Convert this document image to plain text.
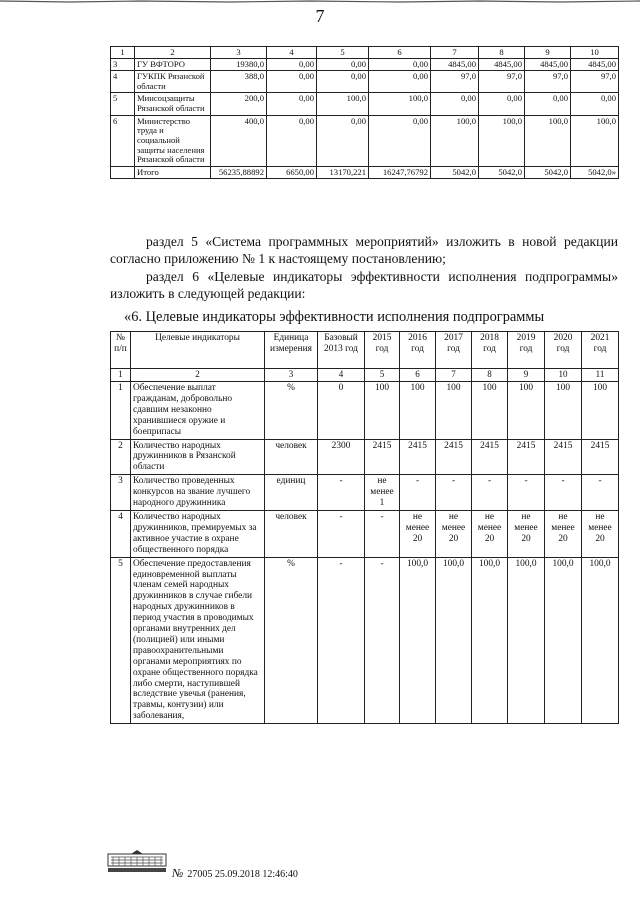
7
1	2	3	4	5	6	7	8	9	10
3	ГУ ВФТОРО	19380,0	0,00	0,00	0,00	4845,00	4845,00	4845,00	4845,00
4	ГУКПК Рязанской области	388,0	0,00	0,00	0,00	97,0	97,0	97,0	97,0
5	Минсоцзащиты Рязанской области	200,0	0,00	100,0	100,0	0,00	0,00	0,00	0,00
6	Министерство труда и социальной защиты населения Рязанской области	400,0	0,00	0,00	0,00	100,0	100,0	100,0	100,0
	Итого	56235,88892	6650,00	13170,221	16247,76792	5042,0	5042,0	5042,0	5042,0»
раздел 5 «Система программных мероприятий» изложить в новой редакции согласно приложению № 1 к настоящему постановлению;
раздел 6 «Целевые индикаторы эффективности исполнения подпрограммы» изложить в следующей редакции:
«6. Целевые индикаторы эффективности исполнения подпрограммы
№ п/п	Целевые индикаторы	Единица измерения	Базовый 2013 год	2015 год	2016 год	2017 год	2018 год	2019 год	2020 год	2021 год
1	2	3	4	5	6	7	8	9	10	11
1	Обеспечение выплат гражданам, добровольно сдавшим незаконно хранившиеся оружие и боеприпасы	%	0	100	100	100	100	100	100	100
2	Количество народных дружинников в Рязанской области	человек	2300	2415	2415	2415	2415	2415	2415	2415
3	Количество проведенных конкурсов на звание лучшего народного дружинника	единиц	-	не менее 1	-	-	-	-	-	-
4	Количество народных дружинников, премируемых за активное участие в охране общественного порядка	человек	-	-	не менее 20	не менее 20	не менее 20	не менее 20	не менее 20	не менее 20
5	Обеспечение предоставления единовременной выплаты членам семей народных дружинников в случае гибели народных дружинников в период участия в проводимых органами внутренних дел (полицией) или иными правоохранительными органами мероприятиях по охране общественного порядка либо смерти, наступившей вследствие увечья (ранения, травмы, контузии) или заболевания,	%	-	-	100,0	100,0	100,0	100,0	100,0	100,0
№ 27005 25.09.2018 12:46:40
